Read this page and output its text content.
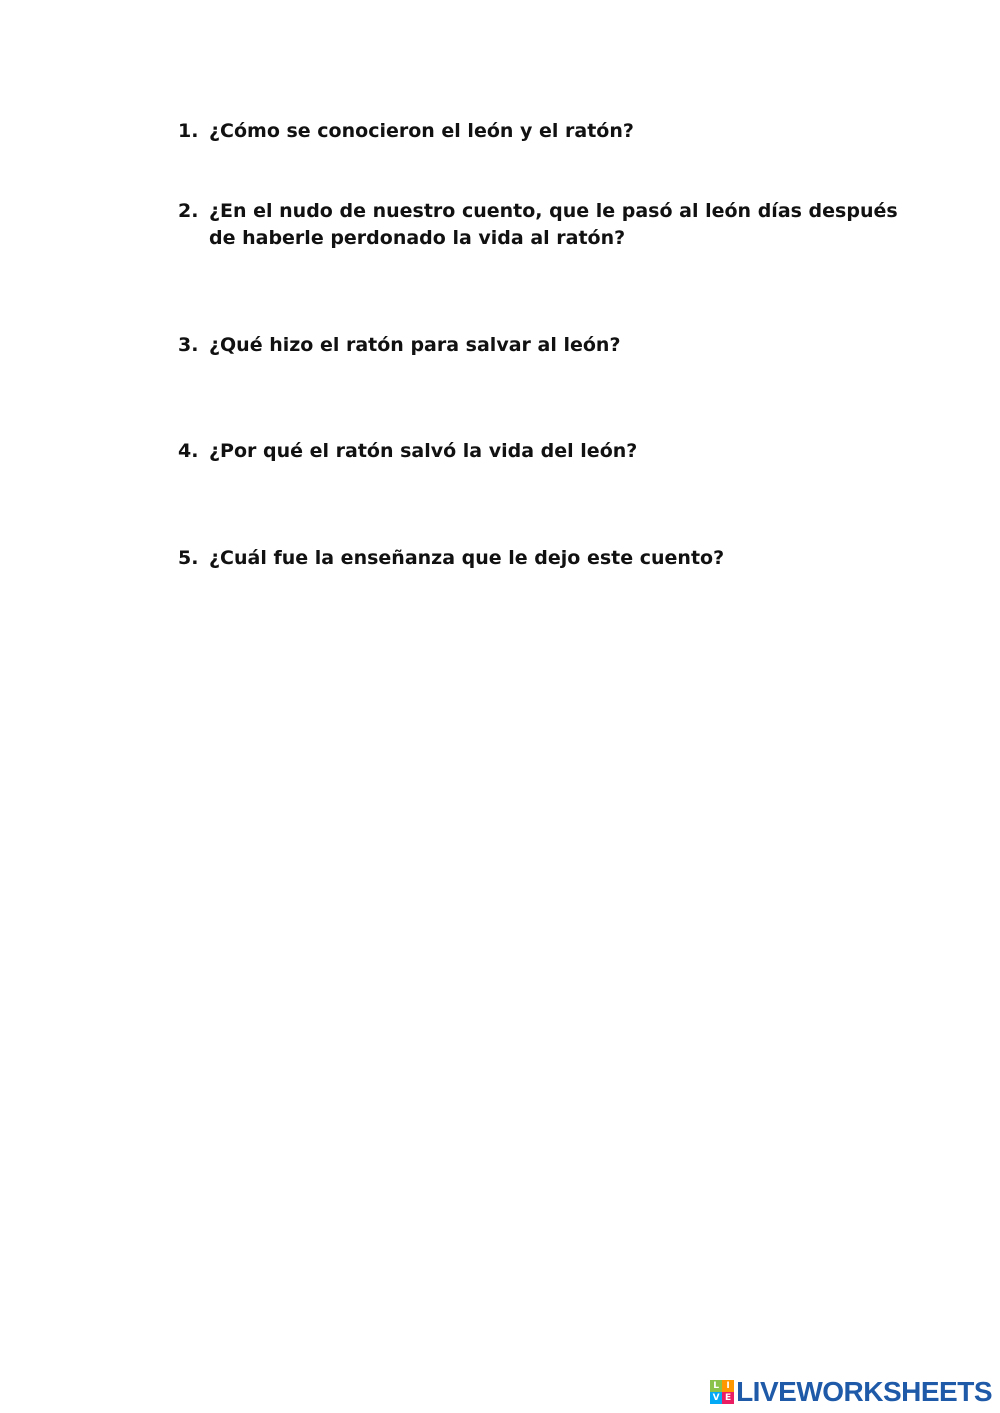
1. ¿Cómo se conocieron el león y el ratón?
2. ¿En el nudo de nuestro cuento, que le pasó al león días después de haberle perdonado la vida al ratón?
3. ¿Qué hizo el ratón para salvar al león?
4. ¿Por qué el ratón salvó la vida del león?
5. ¿Cuál fue la enseñanza que le dejo este cuento?
L I
V E LIVEWORKSHEETS
